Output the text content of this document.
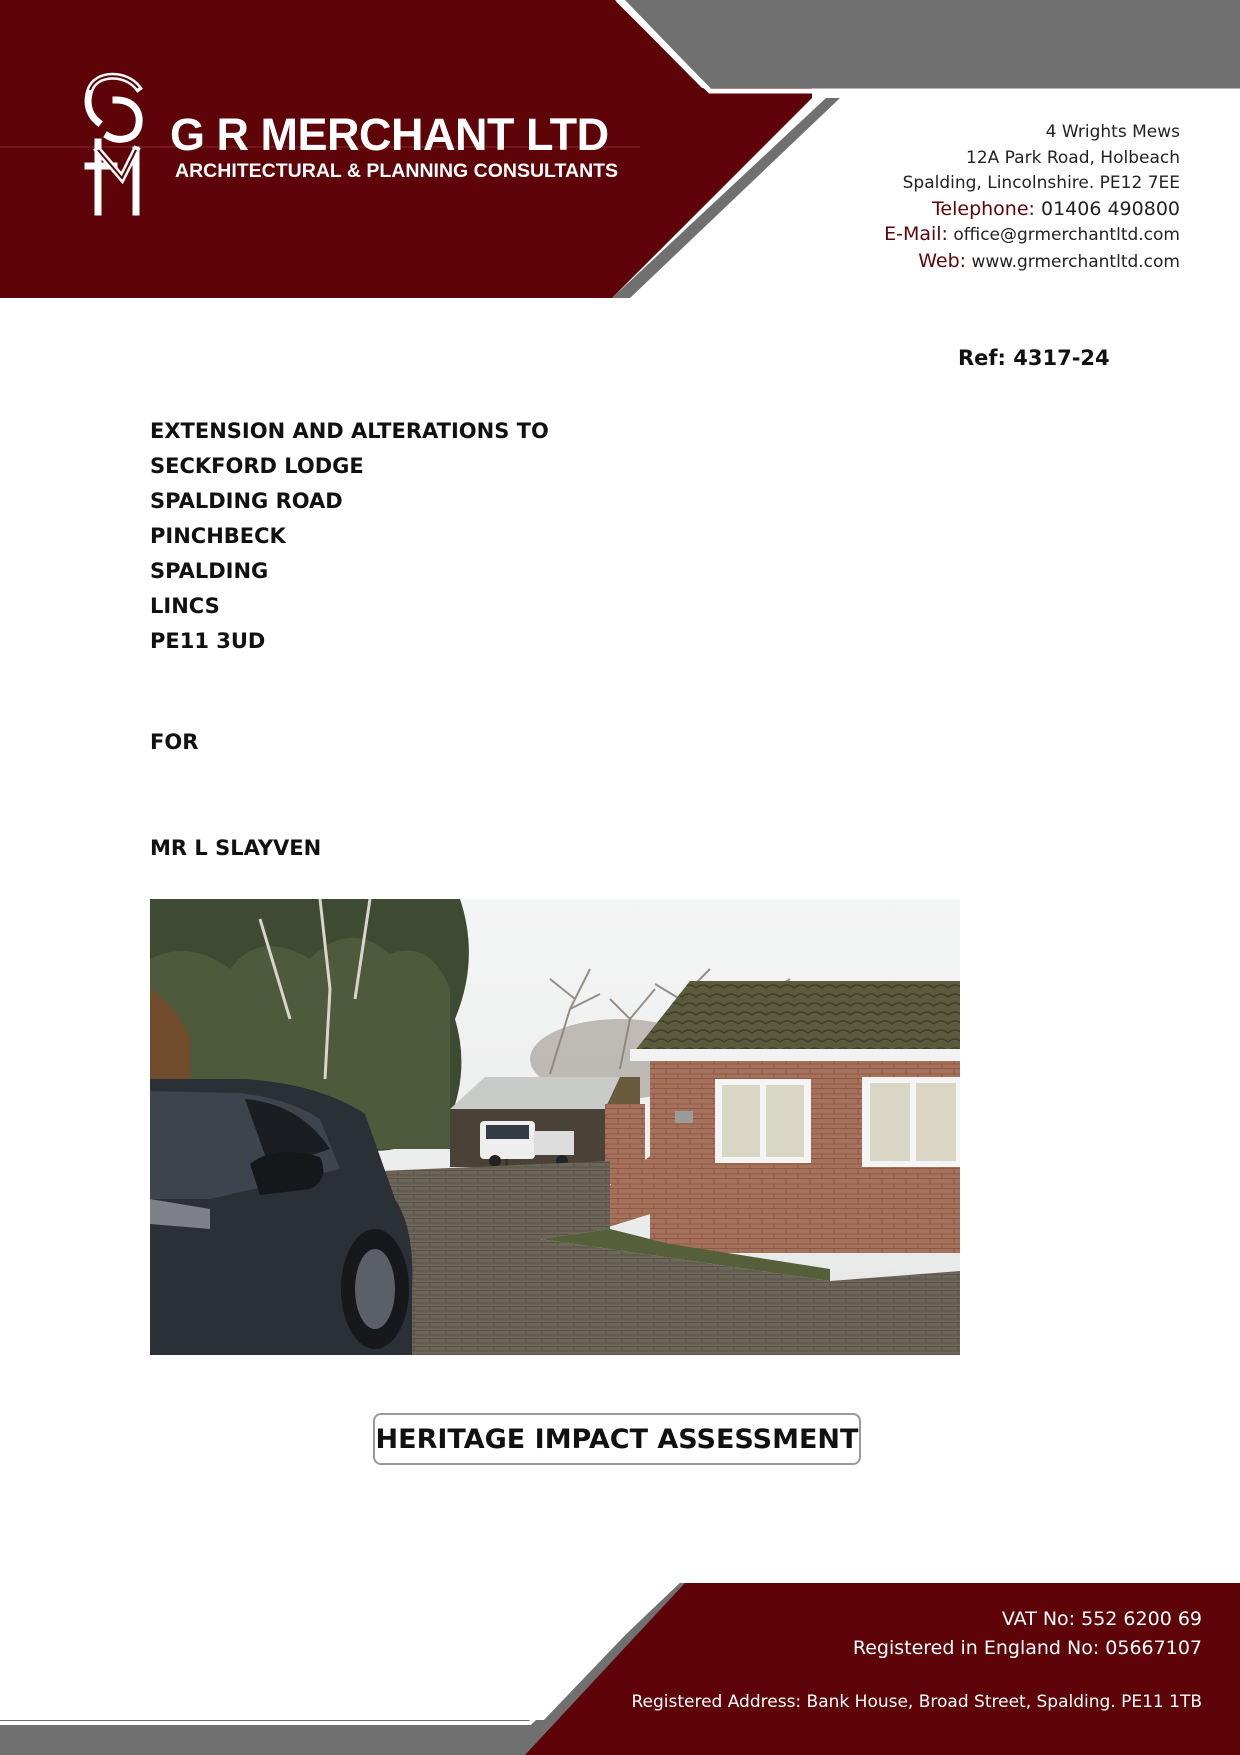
G R MERCHANT LTD
ARCHITECTURAL & PLANNING CONSULTANTS
4 Wrights Mews
12A Park Road, Holbeach
Spalding, Lincolnshire. PE12 7EE
Telephone: 01406 490800
E-Mail: office@grmerchantltd.com
Web: www.grmerchantltd.com
Ref: 4317-24
EXTENSION AND ALTERATIONS TO
SECKFORD LODGE
SPALDING ROAD
PINCHBECK
SPALDING
LINCS
PE11 3UD
FOR
MR L SLAYVEN
HERITAGE IMPACT ASSESSMENT
VAT No: 552 6200 69
Registered in England No: 05667107
Registered Address: Bank House, Broad Street, Spalding. PE11 1TB
